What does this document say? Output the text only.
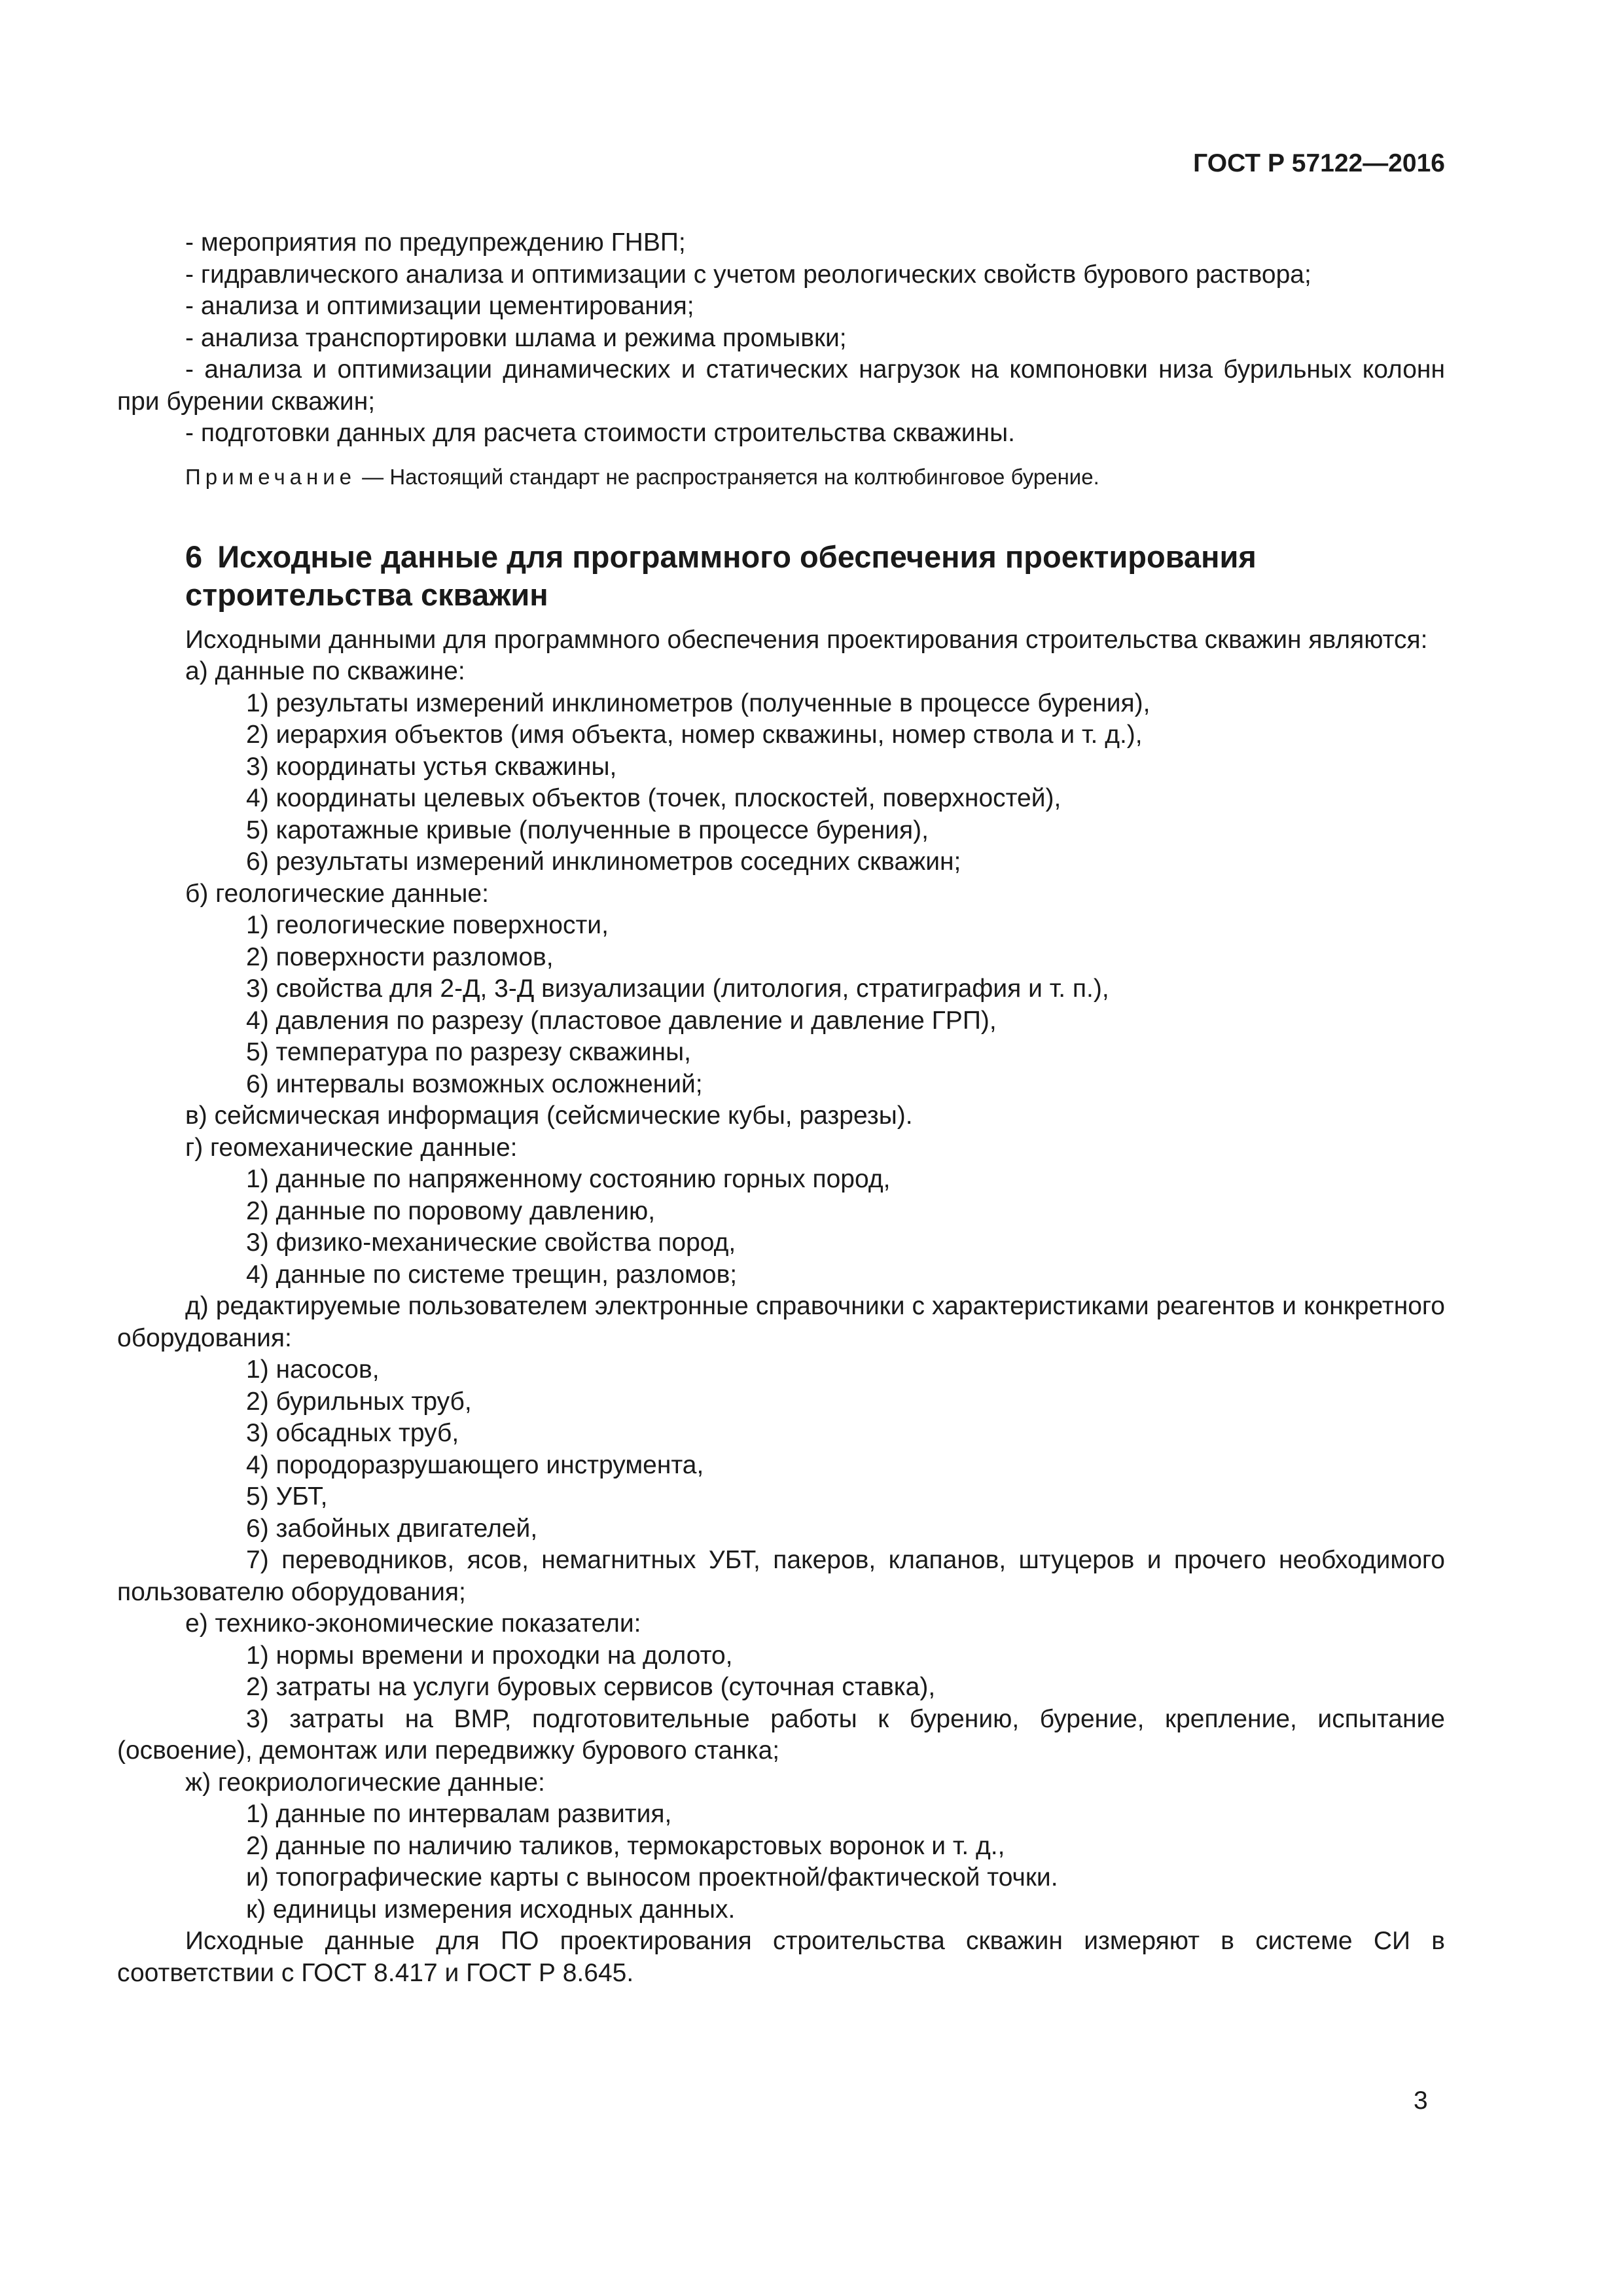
ГОСТ Р 57122—2016

- мероприятия по предупреждению ГНВП;

- гидравлического анализа и оптимизации с учетом реологических свойств бурового раствора;

- анализа и оптимизации цементирования;

- анализа транспортировки шлама и режима промывки;

- анализа и оптимизации динамических и статических нагрузок на компоновки низа бурильных колонн при бурении скважин;

- подготовки данных для расчета стоимости строительства скважины.

Примечание — Настоящий стандарт не распространяется на колтюбинговое бурение.

6 Исходные данные для программного обеспечения проектирования строительства скважин

Исходными данными для программного обеспечения проектирования строительства скважин являются:

а) данные по скважине:

1) результаты измерений инклинометров (полученные в процессе бурения),

2) иерархия объектов (имя объекта, номер скважины, номер ствола и т. д.),

3) координаты устья скважины,

4) координаты целевых объектов (точек, плоскостей, поверхностей),

5) каротажные кривые (полученные в процессе бурения),

6) результаты измерений инклинометров соседних скважин;

б) геологические данные:

1) геологические поверхности,

2) поверхности разломов,

3) свойства для 2-Д, 3-Д визуализации (литология, стратиграфия и т. п.),

4) давления по разрезу (пластовое давление и давление ГРП),

5) температура по разрезу скважины,

6) интервалы возможных осложнений;

в) сейсмическая информация (сейсмические кубы, разрезы).

г) геомеханические данные:

1) данные по напряженному состоянию горных пород,

2) данные по поровому давлению,

3) физико-механические свойства пород,

4) данные по системе трещин, разломов;

д) редактируемые пользователем электронные справочники с характеристиками реагентов и конкретного оборудования:

1) насосов,

2) бурильных труб,

3) обсадных труб,

4) породоразрушающего инструмента,

5) УБТ,

6) забойных двигателей,

7) переводников, ясов, немагнитных УБТ, пакеров, клапанов, штуцеров и прочего необходимого пользователю оборудования;

е) технико-экономические показатели:

1) нормы времени и проходки на долото,

2) затраты на услуги буровых сервисов (суточная ставка),

3) затраты на ВМР, подготовительные работы к бурению, бурение, крепление, испытание (освоение), демонтаж или передвижку бурового станка;

ж) геокриологические данные:

1) данные по интервалам развития,

2) данные по наличию таликов, термокарстовых воронок и т. д.,

и) топографические карты с выносом проектной/фактической точки.

к) единицы измерения исходных данных.

Исходные данные для ПО проектирования строительства скважин измеряют в системе СИ в соответствии с ГОСТ 8.417 и ГОСТ Р 8.645.

3
